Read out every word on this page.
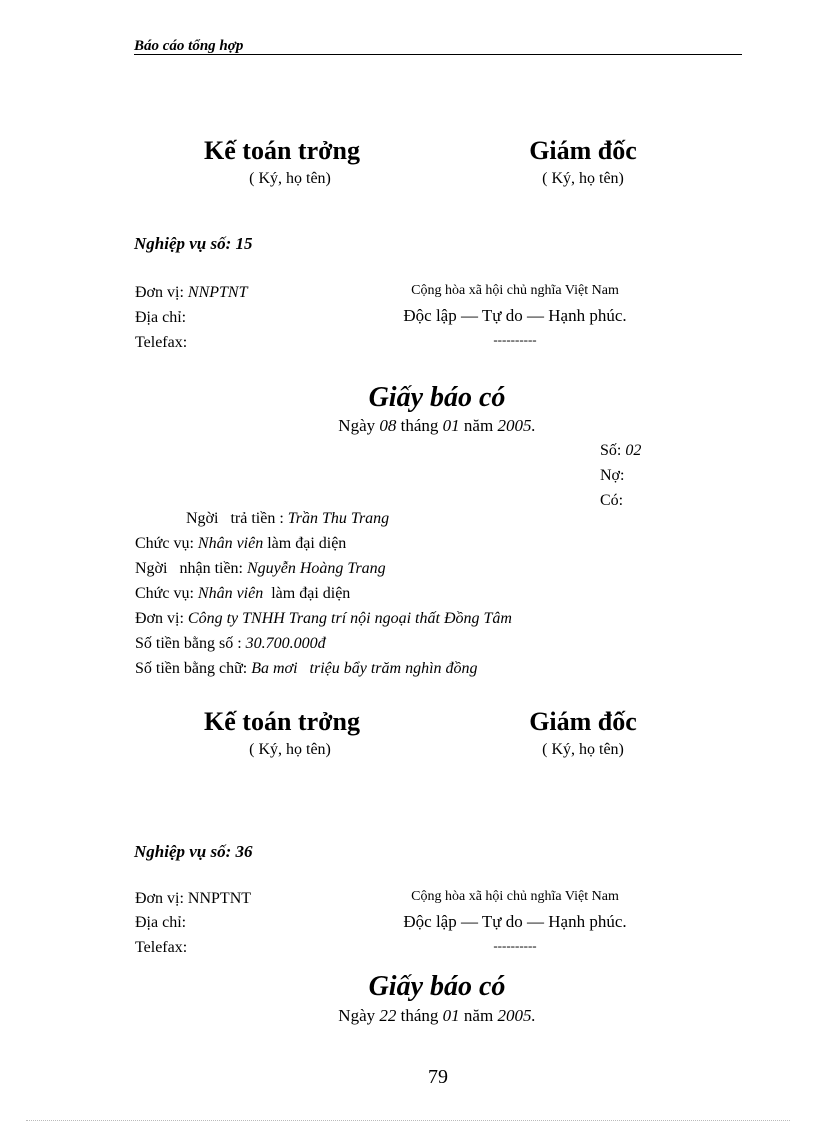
Báo cáo tổng hợp
Kế toán trởng
( Ký, họ tên)
Giám đốc
( Ký, họ tên)
Nghiệp vụ số: 15
Đơn vị: NNPTNT
Địa chỉ:
Telefax:
Cộng hòa xã hội chủ nghĩa Việt Nam
Độc lập — Tự do — Hạnh phúc.
----------
Giấy báo có
Ngày 08 tháng 01 năm 2005.
Số: 02
Nợ:
Có:
Ngời   trả tiền : Trần Thu Trang
Chức vụ: Nhân viên làm đại diện
Ngời   nhận tiền: Nguyễn Hoàng Trang
Chức vụ: Nhân viên  làm đại diện
Đơn vị: Công ty TNHH Trang trí nội ngoại thất Đồng Tâm
Số tiền bằng số : 30.700.000đ
Số tiền bằng chữ: Ba mơi   triệu bẩy trăm nghìn đồng
Kế toán trởng
( Ký, họ tên)
Giám đốc
( Ký, họ tên)
Nghiệp vụ số: 36
Đơn vị: NNPTNT
Địa chỉ:
Telefax:
Cộng hòa xã hội chủ nghĩa Việt Nam
Độc lập — Tự do — Hạnh phúc.
----------
Giấy báo có
Ngày 22 tháng 01 năm 2005.
79
